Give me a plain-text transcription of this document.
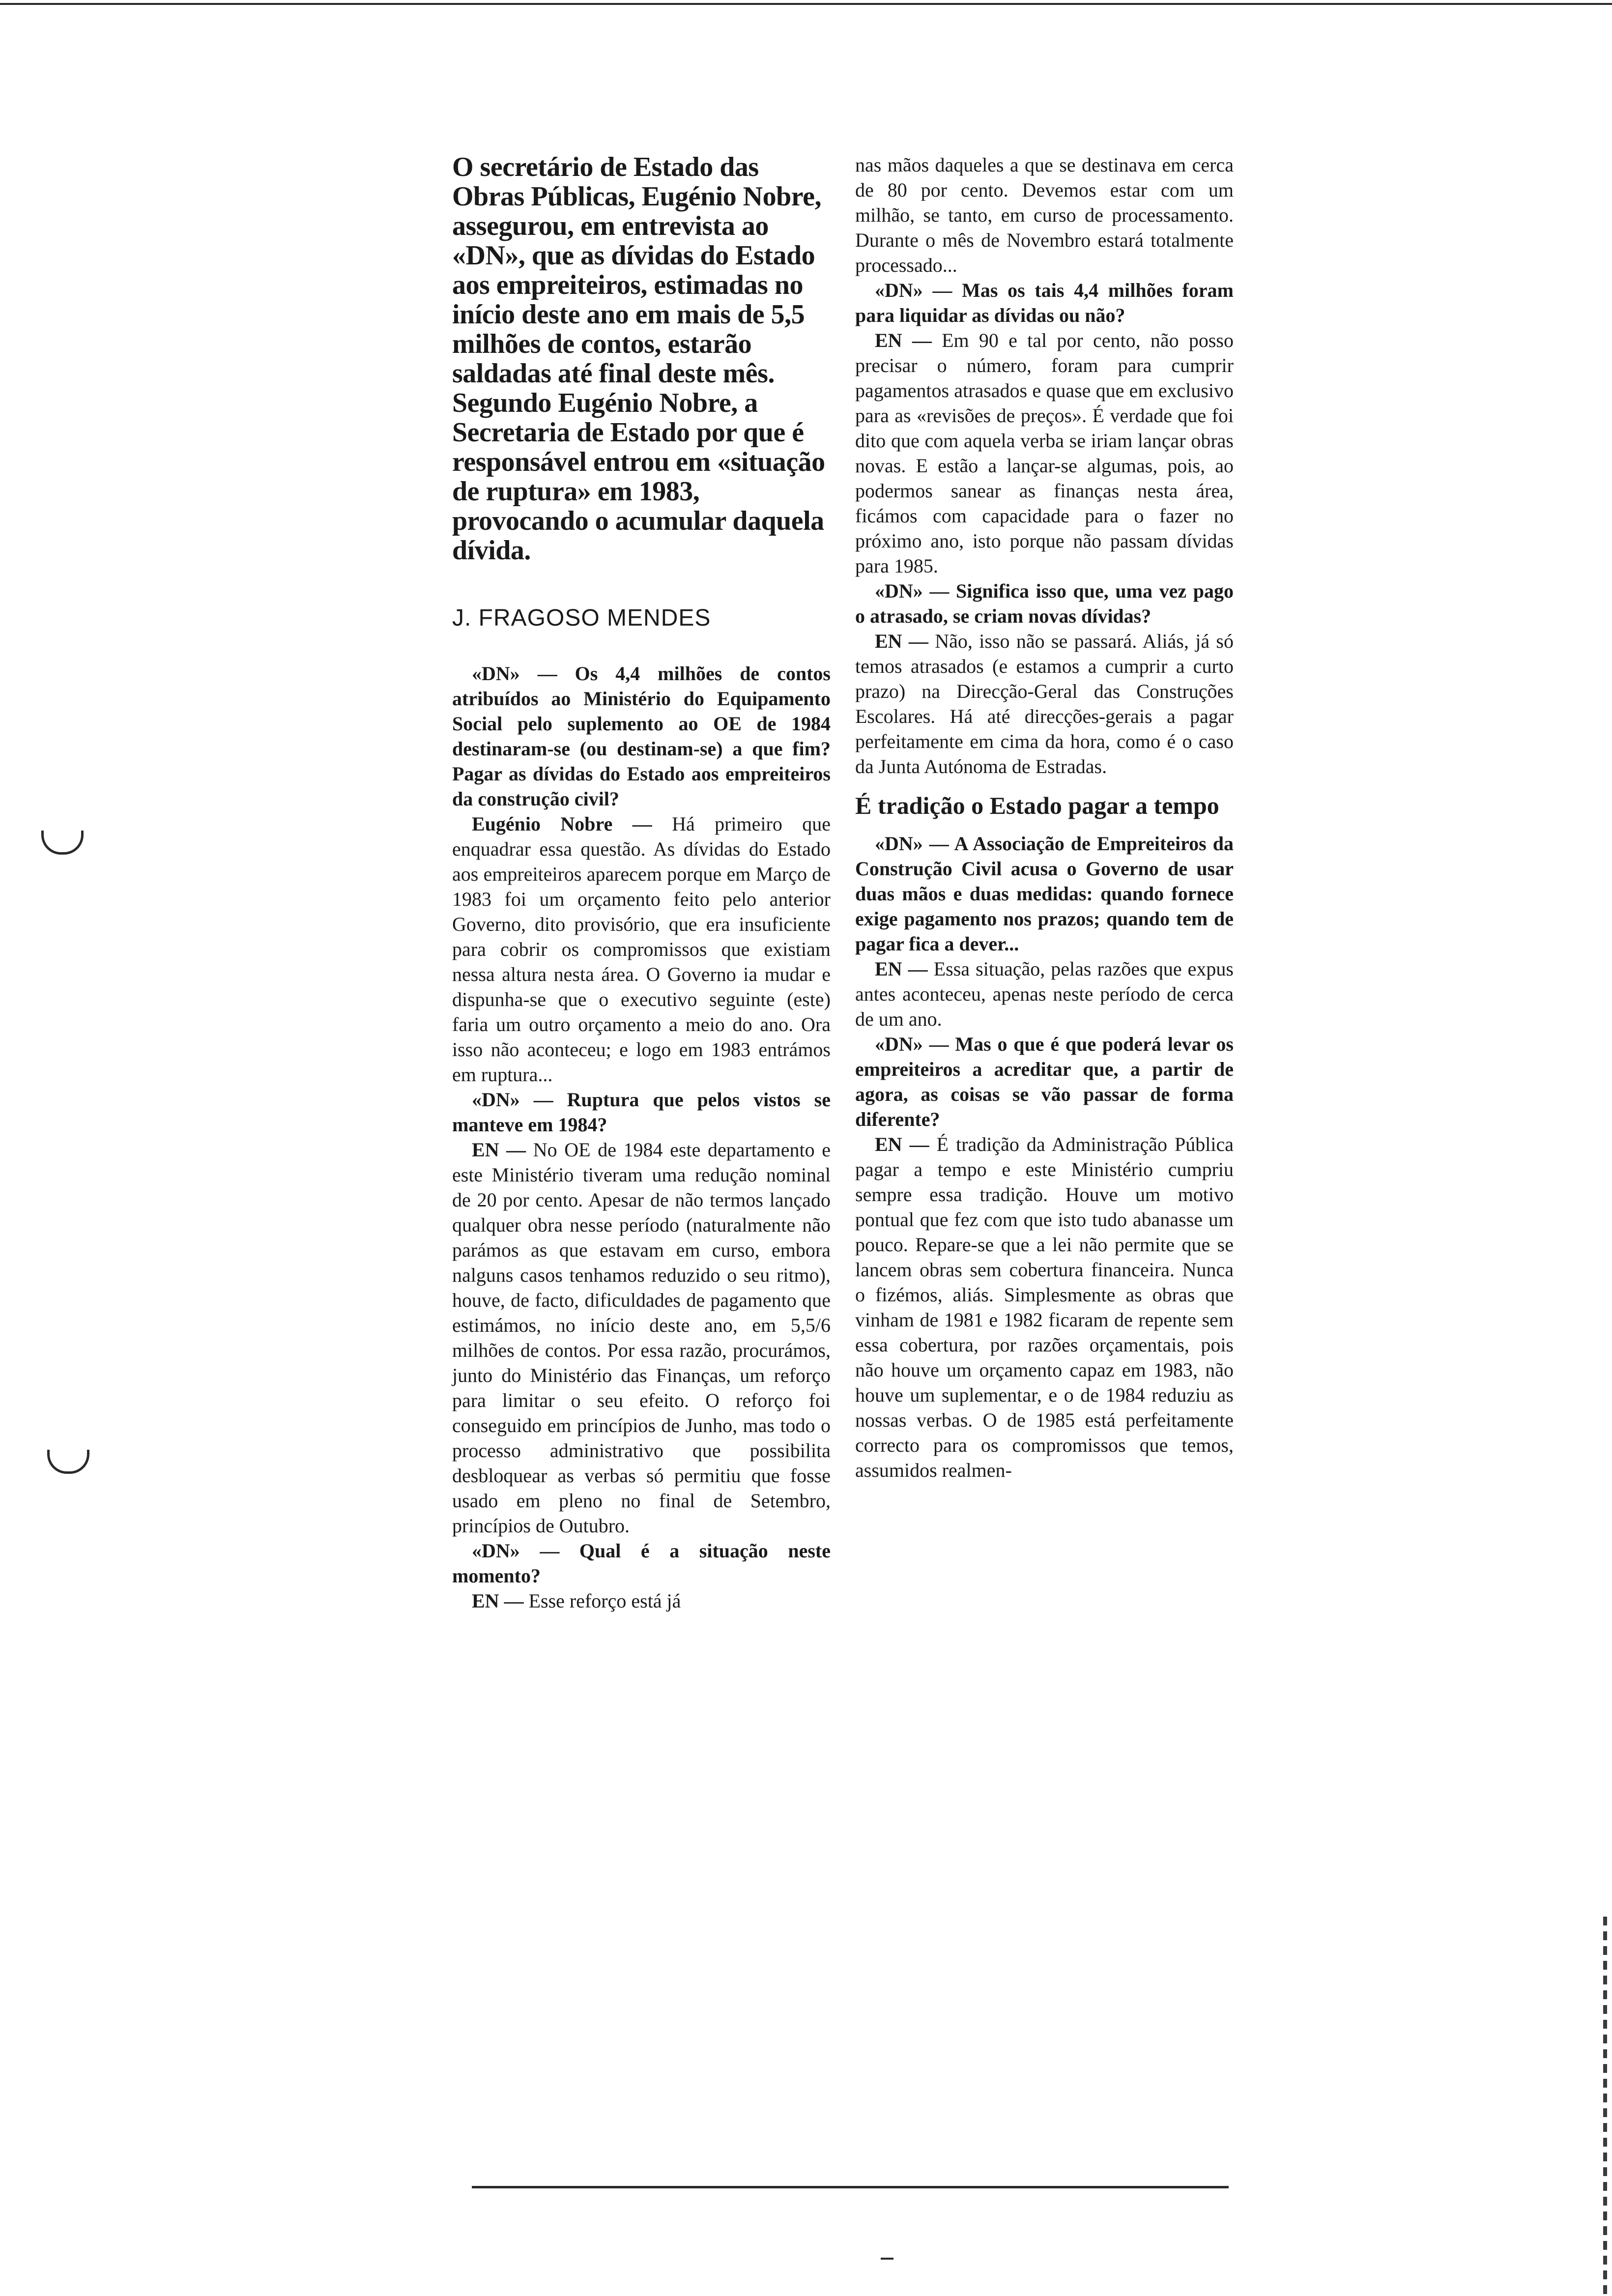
O secretário de Estado das Obras Públicas, Eugénio Nobre, assegurou, em entrevista ao «DN», que as dívidas do Estado aos empreiteiros, estimadas no início deste ano em mais de 5,5 milhões de contos, estarão saldadas até final deste mês. Segundo Eugénio Nobre, a Secretaria de Estado por que é responsável entrou em «situação de ruptura» em 1983, provocando o acumular daquela dívida.

J. FRAGOSO MENDES

«DN» — Os 4,4 milhões de contos atribuídos ao Ministério do Equipamento Social pelo suplemento ao OE de 1984 destinaram-se (ou destinam-se) a que fim? Pagar as dívidas do Estado aos empreiteiros da construção civil?

Eugénio Nobre — Há primeiro que enquadrar essa questão. As dívidas do Estado aos empreiteiros aparecem porque em Março de 1983 foi um orçamento feito pelo anterior Governo, dito provisório, que era insuficiente para cobrir os compromissos que existiam nessa altura nesta área. O Governo ia mudar e dispunha-se que o executivo seguinte (este) faria um outro orçamento a meio do ano. Ora isso não aconteceu; e logo em 1983 entrámos em ruptura...

«DN» — Ruptura que pelos vistos se manteve em 1984?

EN — No OE de 1984 este departamento e este Ministério tiveram uma redução nominal de 20 por cento. Apesar de não termos lançado qualquer obra nesse período (naturalmente não parámos as que estavam em curso, embora nalguns casos tenhamos reduzido o seu ritmo), houve, de facto, dificuldades de pagamento que estimámos, no início deste ano, em 5,5/6 milhões de contos. Por essa razão, procurámos, junto do Ministério das Finanças, um reforço para limitar o seu efeito. O reforço foi conseguido em princípios de Junho, mas todo o processo administrativo que possibilita desbloquear as verbas só permitiu que fosse usado em pleno no final de Setembro, princípios de Outubro.

«DN» — Qual é a situação neste momento?

EN — Esse reforço está já

nas mãos daqueles a que se destinava em cerca de 80 por cento. Devemos estar com um milhão, se tanto, em curso de processamento. Durante o mês de Novembro estará totalmente processado...

«DN» — Mas os tais 4,4 milhões foram para liquidar as dívidas ou não?

EN — Em 90 e tal por cento, não posso precisar o número, foram para cumprir pagamentos atrasados e quase que em exclusivo para as «revisões de preços». É verdade que foi dito que com aquela verba se iriam lançar obras novas. E estão a lançar-se algumas, pois, ao podermos sanear as finanças nesta área, ficámos com capacidade para o fazer no próximo ano, isto porque não passam dívidas para 1985.

«DN» — Significa isso que, uma vez pago o atrasado, se criam novas dívidas?

EN — Não, isso não se passará. Aliás, já só temos atrasados (e estamos a cumprir a curto prazo) na Direcção-Geral das Construções Escolares. Há até direcções-gerais a pagar perfeitamente em cima da hora, como é o caso da Junta Autónoma de Estradas.

É tradição o Estado pagar a tempo

«DN» — A Associação de Empreiteiros da Construção Civil acusa o Governo de usar duas mãos e duas medidas: quando fornece exige pagamento nos prazos; quando tem de pagar fica a dever...

EN — Essa situação, pelas razões que expus antes aconteceu, apenas neste período de cerca de um ano.

«DN» — Mas o que é que poderá levar os empreiteiros a acreditar que, a partir de agora, as coisas se vão passar de forma diferente?

EN — É tradição da Administração Pública pagar a tempo e este Ministério cumpriu sempre essa tradição. Houve um motivo pontual que fez com que isto tudo abanasse um pouco. Repare-se que a lei não permite que se lancem obras sem cobertura financeira. Nunca o fizémos, aliás. Simplesmente as obras que vinham de 1981 e 1982 ficaram de repente sem essa cobertura, por razões orçamentais, pois não houve um orçamento capaz em 1983, não houve um suplementar, e o de 1984 reduziu as nossas verbas. O de 1985 está perfeitamente correcto para os compromissos que temos, assumidos realmen-
